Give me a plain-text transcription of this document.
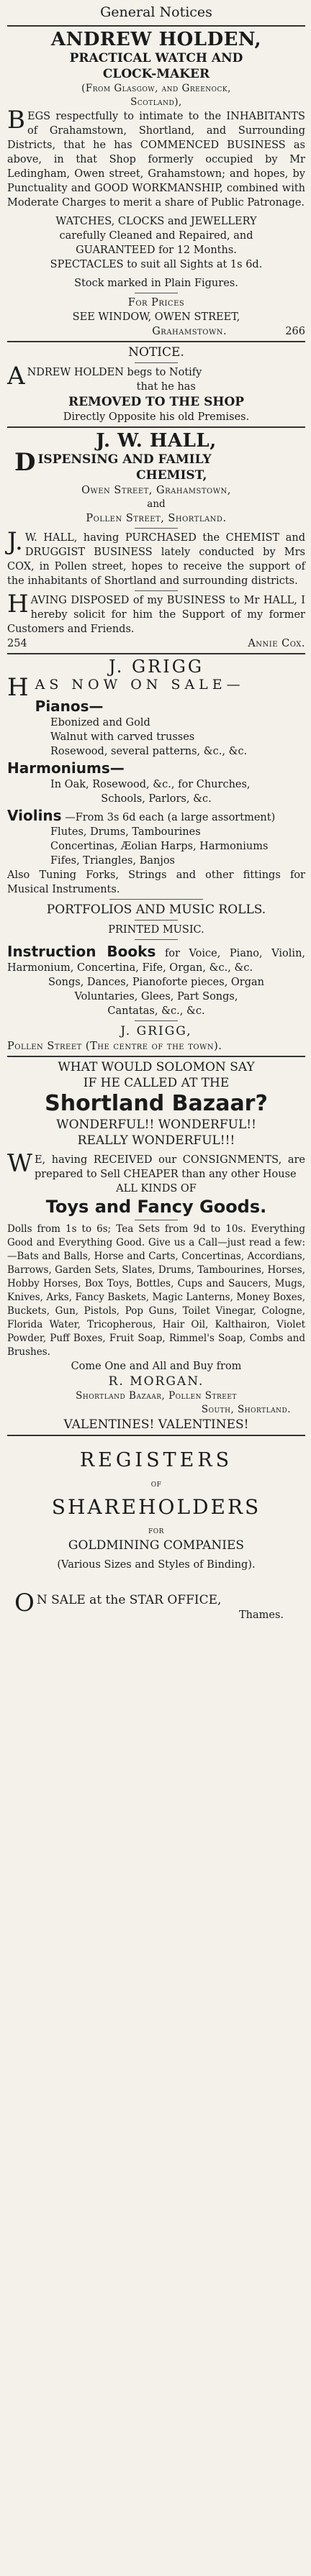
General Notices
ANDREW HOLDEN,
PRACTICAL WATCH AND
CLOCK-MAKER
(From Glasgow, and Greenock,
Scotland),

BEGS respectfully to intimate to the INHABITANTS of Grahamstown, Shortland, and Surrounding Districts, that he has COMMENCED BUSINESS as above, in that Shop formerly occupied by Mr Ledingham, Owen street, Grahamstown; and hopes, by Punctuality and GOOD WORKMANSHIP, combined with Moderate Charges to merit a share of Public Patronage.

WATCHES, CLOCKS and JEWELLERY
carefully Cleaned and Repaired, and
GUARANTEED for 12 Months.
SPECTACLES to suit all Sights at 1s 6d.
Stock marked in Plain Figures.
For Prices
SEE WINDOW, OWEN STREET,
Grahamstown.	266
NOTICE.

ANDREW HOLDEN begs to Notify

that he has
REMOVED TO THE SHOP
Directly Opposite his old Premises.
J. W. HALL,

DISPENSING AND FAMILY

CHEMIST,
Owen Street, Grahamstown,
and
Pollen Street, Shortland.

J.W. HALL, having PURCHASED the CHEMIST and DRUGGIST BUSINESS lately conducted by Mrs COX, in Pollen street, hopes to receive the support of the inhabitants of Shortland and surrounding districts.

HAVING DISPOSED of my BUSINESS to Mr HALL, I hereby solicit for him the Support of my former Customers and Friends.

254	Annie Cox.
J. GRIGG

HAS NOW ON SALE—

Pianos—
Ebonized and Gold
Walnut with carved trusses
Rosewood, several patterns, &c., &c.
Harmoniums—
In Oak, Rosewood, &c., for Churches,
Schools, Parlors, &c.

Violins —From 3s 6d each (a large assortment)

Flutes, Drums, Tambourines
Concertinas, Æolian Harps, Harmoniums
Fifes, Triangles, Banjos

Also Tuning Forks, Strings and other fittings for Musical Instruments.

PORTFOLIOS AND MUSIC ROLLS.
PRINTED MUSIC.

Instruction Books for Voice, Piano, Violin, Harmonium, Concertina, Fife, Organ, &c., &c.

Songs, Dances, Pianoforte pieces, Organ
Voluntaries, Glees, Part Songs,
Cantatas, &c., &c.
J. GRIGG,
Pollen Street (The centre of the town).
WHAT WOULD SOLOMON SAY
IF HE CALLED AT THE
Shortland Bazaar?
WONDERFUL!! WONDERFUL!!
REALLY WONDERFUL!!!

WE, having RECEIVED our CONSIGNMENTS, are prepared to Sell CHEAPER than any other House

ALL KINDS OF
Toys and Fancy Goods.

Dolls from 1s to 6s; Tea Sets from 9d to 10s. Everything Good and Everything Good. Give us a Call—just read a few:—Bats and Balls, Horse and Carts, Concertinas, Accordians, Barrows, Garden Sets, Slates, Drums, Tambourines, Horses, Hobby Horses, Box Toys, Bottles, Cups and Saucers, Mugs, Knives, Arks, Fancy Baskets, Magic Lanterns, Money Boxes, Buckets, Gun, Pistols, Pop Guns, Toilet Vinegar, Cologne, Florida Water, Tricopherous, Hair Oil, Kalthairon, Violet Powder, Puff Boxes, Fruit Soap, Rimmel's Soap, Combs and Brushes.

Come One and All and Buy from
R. MORGAN.
Shortland Bazaar, Pollen Street
South, Shortland.
VALENTINES! VALENTINES!
REGISTERS
of
SHAREHOLDERS
for
GOLDMINING COMPANIES
(Various Sizes and Styles of Binding).

ON SALE at the STAR OFFICE,

Thames.
